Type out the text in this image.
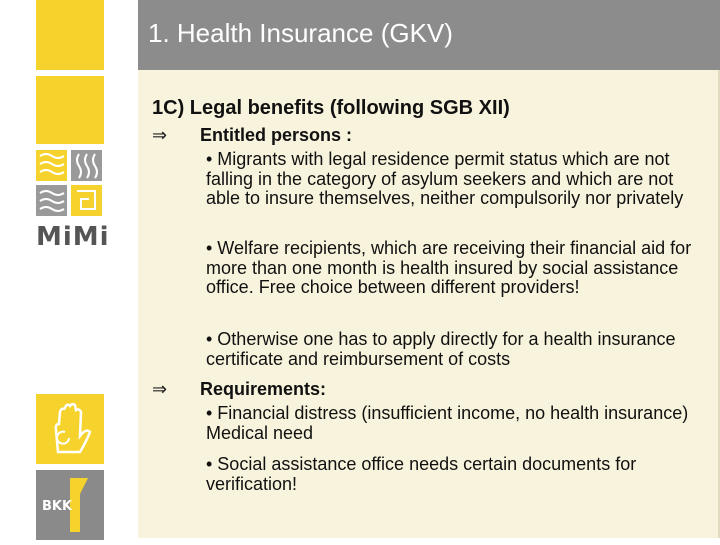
MiMi
BKK
1. Health Insurance (GKV)
1C) Legal benefits (following SGB XII)
⇒ Entitled persons :
• Migrants with legal residence permit status which are not falling in the category of asylum seekers and which are not able to insure themselves, neither compulsorily nor privately
• Welfare recipients, which are receiving their financial aid for more than one month is health insured by social assistance office. Free choice between different providers!
• Otherwise one has to apply directly for a health insurance certificate and reimbursement of costs
⇒ Requirements:
• Financial distress (insufficient income, no health insurance) Medical need
• Social assistance office needs certain documents for verification!
